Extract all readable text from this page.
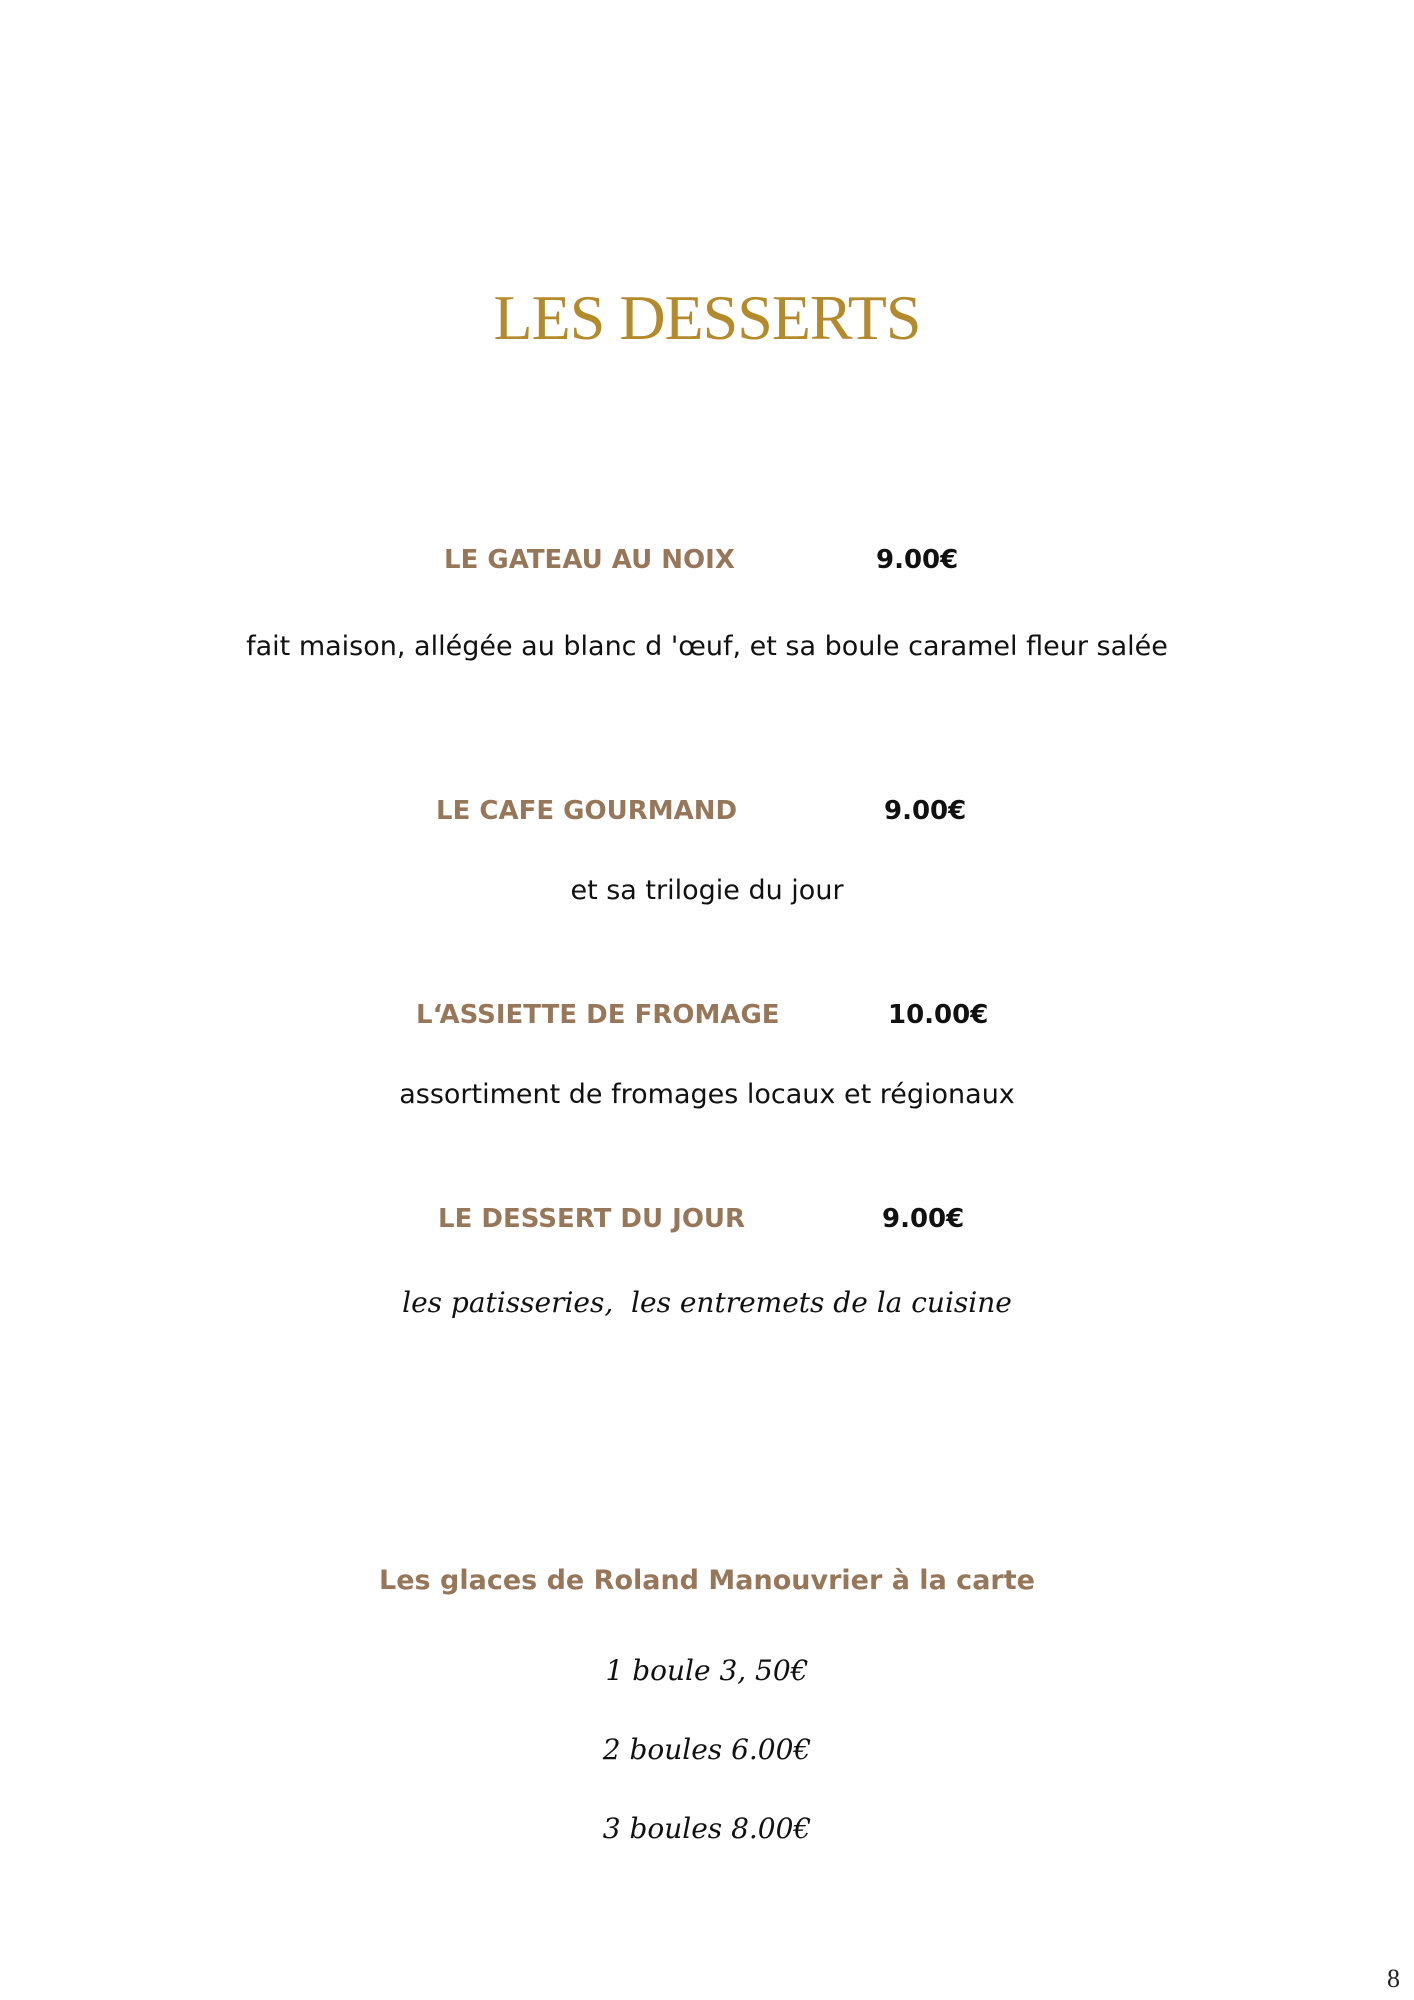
LES DESSERTS
LE GATEAU AU NOIX	9.00€
fait maison, allégée au blanc d 'œuf, et sa boule caramel fleur salée
LE CAFE GOURMAND	9.00€
et sa trilogie du jour
L‘ASSIETTE DE FROMAGE	10.00€
assortiment de fromages locaux et régionaux
LE DESSERT DU JOUR	9.00€
les patisseries,  les entremets de la cuisine
Les glaces de Roland Manouvrier à la carte
1 boule 3, 50€
2 boules 6.00€
3 boules 8.00€
8
